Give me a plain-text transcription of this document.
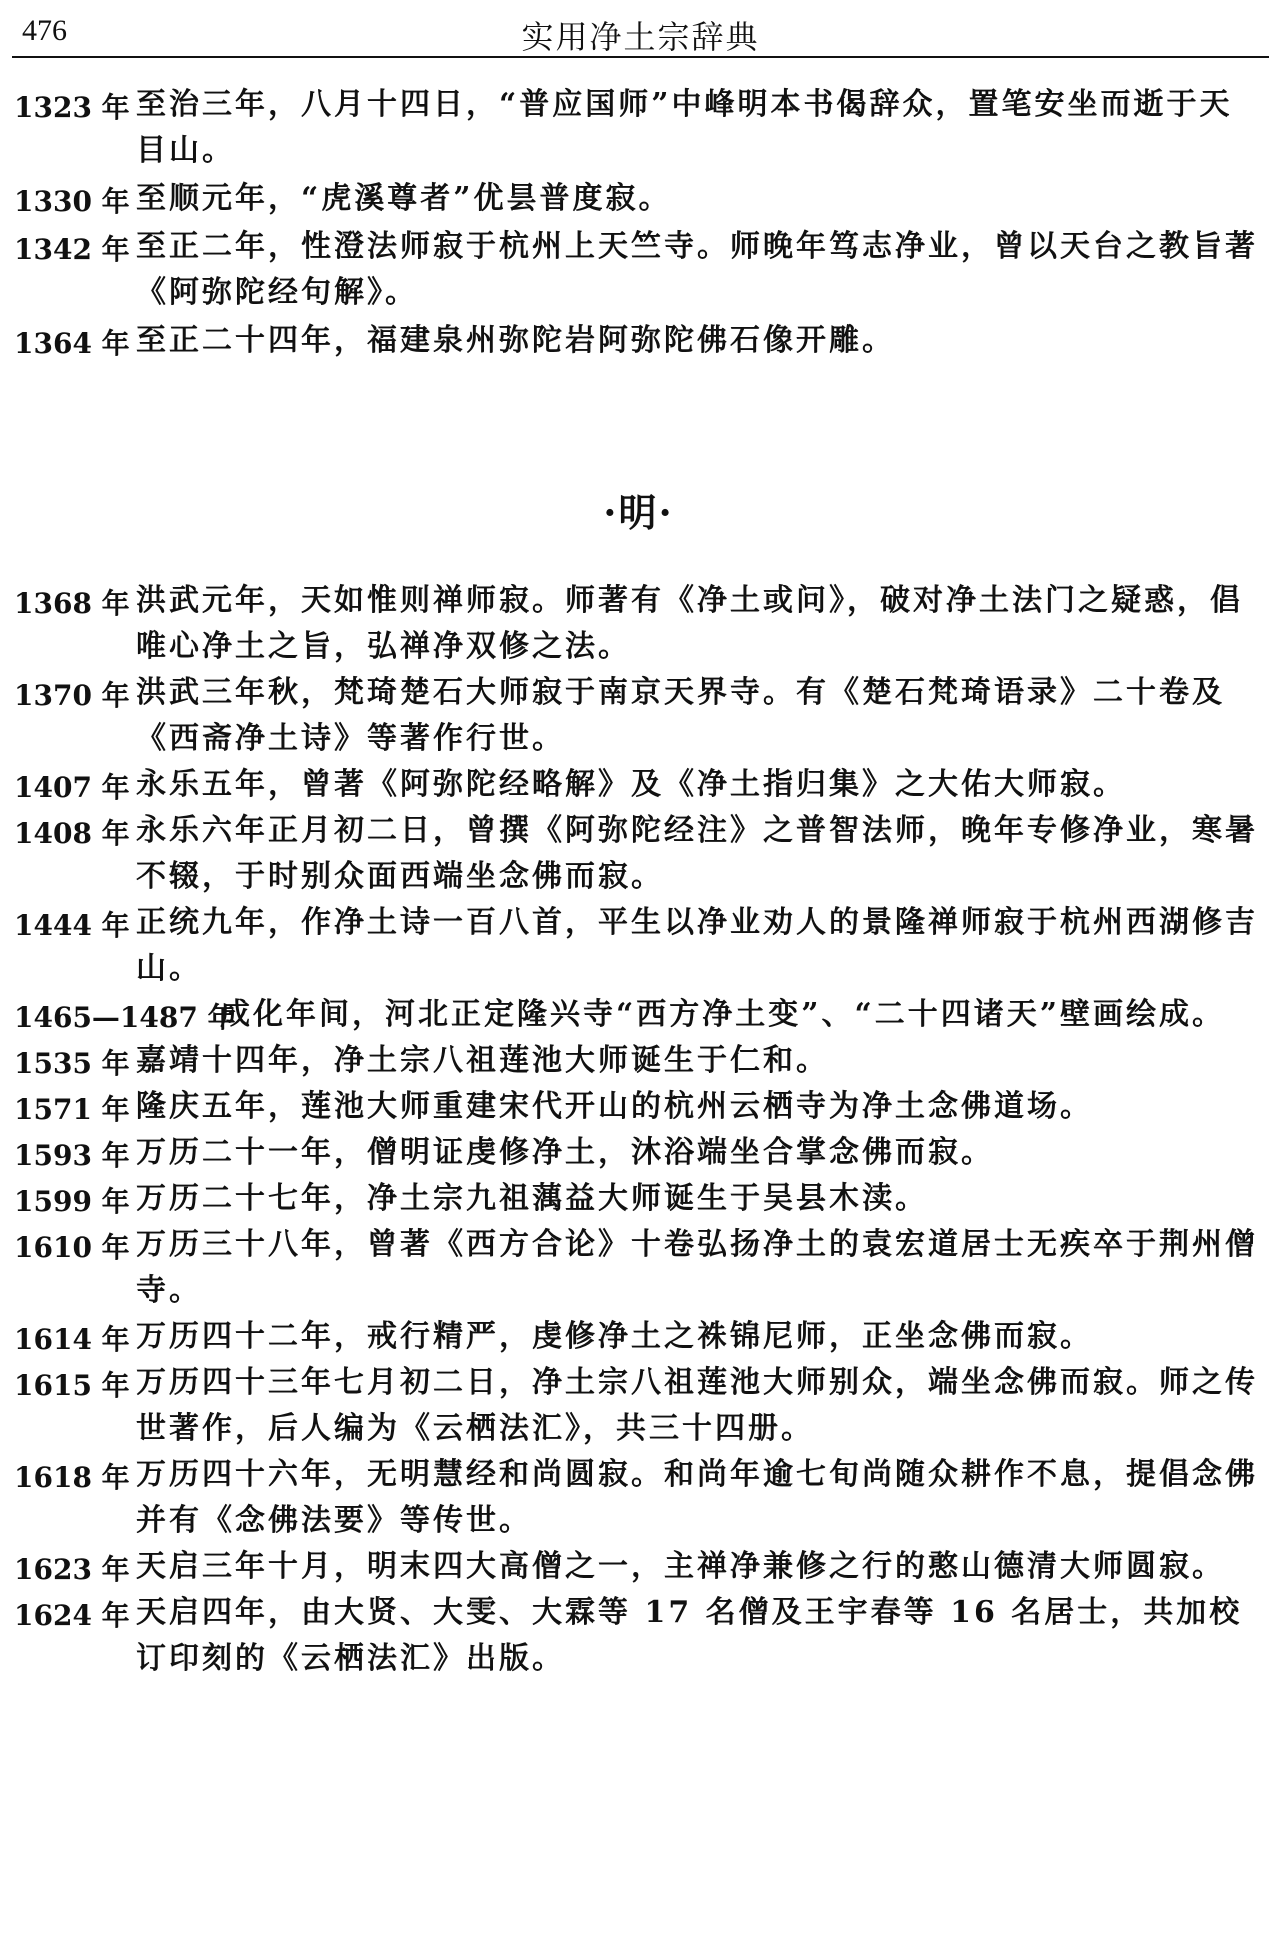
476	实用净土宗辞典
1323 年 至治三年，八月十四日，“普应国师”中峰明本书偈辞众，置笔安坐而逝于天目山。
1330 年 至顺元年，“虎溪尊者”优昙普度寂。
1342 年 至正二年，性澄法师寂于杭州上天竺寺。师晚年笃志净业，曾以天台之教旨著《阿弥陀经句解》。
1364 年 至正二十四年，福建泉州弥陀岩阿弥陀佛石像开雕。
·明·
1368 年 洪武元年，天如惟则禅师寂。师著有《净土或问》，破对净土法门之疑惑，倡唯心净土之旨，弘禅净双修之法。
1370 年 洪武三年秋，梵琦楚石大师寂于南京天界寺。有《楚石梵琦语录》二十卷及《西斋净土诗》等著作行世。
1407 年 永乐五年，曾著《阿弥陀经略解》及《净土指归集》之大佑大师寂。
1408 年 永乐六年正月初二日，曾撰《阿弥陀经注》之普智法师，晚年专修净业，寒暑不辍，于时别众面西端坐念佛而寂。
1444 年 正统九年，作净土诗一百八首，平生以净业劝人的景隆禅师寂于杭州西湖修吉山。
1465—1487 年
成化年间，河北正定隆兴寺“西方净土变”、“二十四诸天”壁画绘成。
1535 年 嘉靖十四年，净土宗八祖莲池大师诞生于仁和。
1571 年 隆庆五年，莲池大师重建宋代开山的杭州云栖寺为净土念佛道场。
1593 年 万历二十一年，僧明证虔修净土，沐浴端坐合掌念佛而寂。
1599 年 万历二十七年，净土宗九祖蕅益大师诞生于吴县木渎。
1610 年 万历三十八年，曾著《西方合论》十卷弘扬净土的袁宏道居士无疾卒于荆州僧寺。
1614 年 万历四十二年，戒行精严，虔修净土之袾锦尼师，正坐念佛而寂。
1615 年 万历四十三年七月初二日，净土宗八祖莲池大师别众，端坐念佛而寂。师之传世著作，后人编为《云栖法汇》，共三十四册。
1618 年 万历四十六年，无明慧经和尚圆寂。和尚年逾七旬尚随众耕作不息，提倡念佛并有《念佛法要》等传世。
1623 年 天启三年十月，明末四大高僧之一，主禅净兼修之行的憨山德清大师圆寂。
1624 年 天启四年，由大贤、大雯、大霖等 17 名僧及王宇春等 16 名居士，共加校订印刻的《云栖法汇》出版。
